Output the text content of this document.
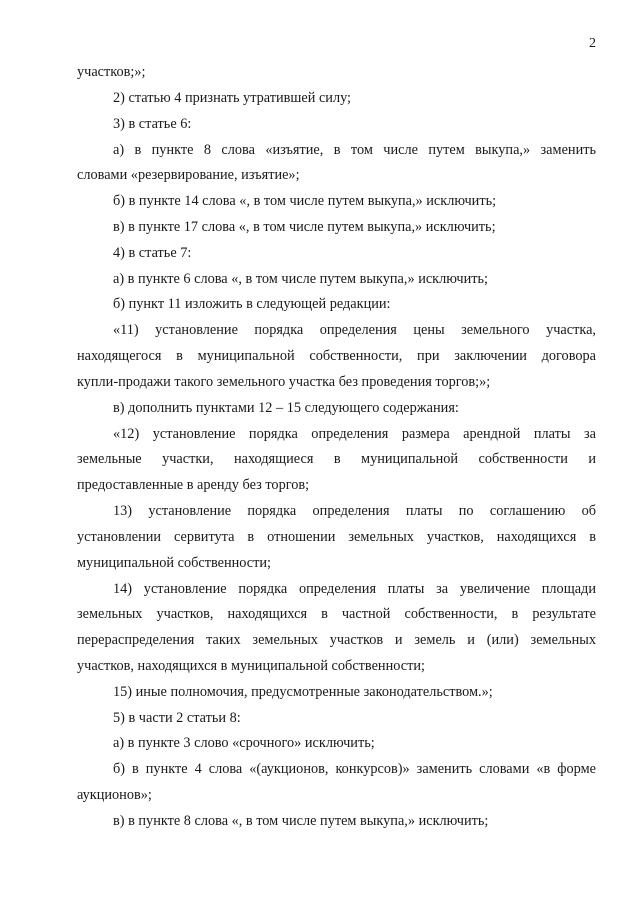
2
участков;»;
2) статью 4 признать утратившей силу;
3) в статье 6:
а) в пункте 8 слова «изъятие, в том числе путем выкупа,» заменить
словами «резервирование, изъятие»;
б) в пункте 14 слова «, в том числе путем выкупа,» исключить;
в) в пункте 17 слова «, в том числе путем выкупа,» исключить;
4) в статье 7:
а) в пункте 6 слова «, в том числе путем выкупа,» исключить;
б) пункт 11 изложить в следующей редакции:
«11) установление порядка определения цены земельного участка,
находящегося в муниципальной собственности, при заключении договора
купли-продажи такого земельного участка без проведения торгов;»;
в) дополнить пунктами 12 – 15 следующего содержания:
«12) установление порядка определения размера арендной платы за
земельные участки, находящиеся в муниципальной собственности и
предоставленные в аренду без торгов;
13) установление порядка определения платы по соглашению об
установлении сервитута в отношении земельных участков, находящихся в
муниципальной собственности;
14) установление порядка определения платы за увеличение площади
земельных участков, находящихся в частной собственности, в результате
перераспределения таких земельных участков и земель и (или) земельных
участков, находящихся в муниципальной собственности;
15) иные полномочия, предусмотренные законодательством.»;
5) в части 2 статьи 8:
а) в пункте 3 слово «срочного» исключить;
б) в пункте 4 слова «(аукционов, конкурсов)» заменить словами «в форме
аукционов»;
в) в пункте 8 слова «, в том числе путем выкупа,» исключить;
